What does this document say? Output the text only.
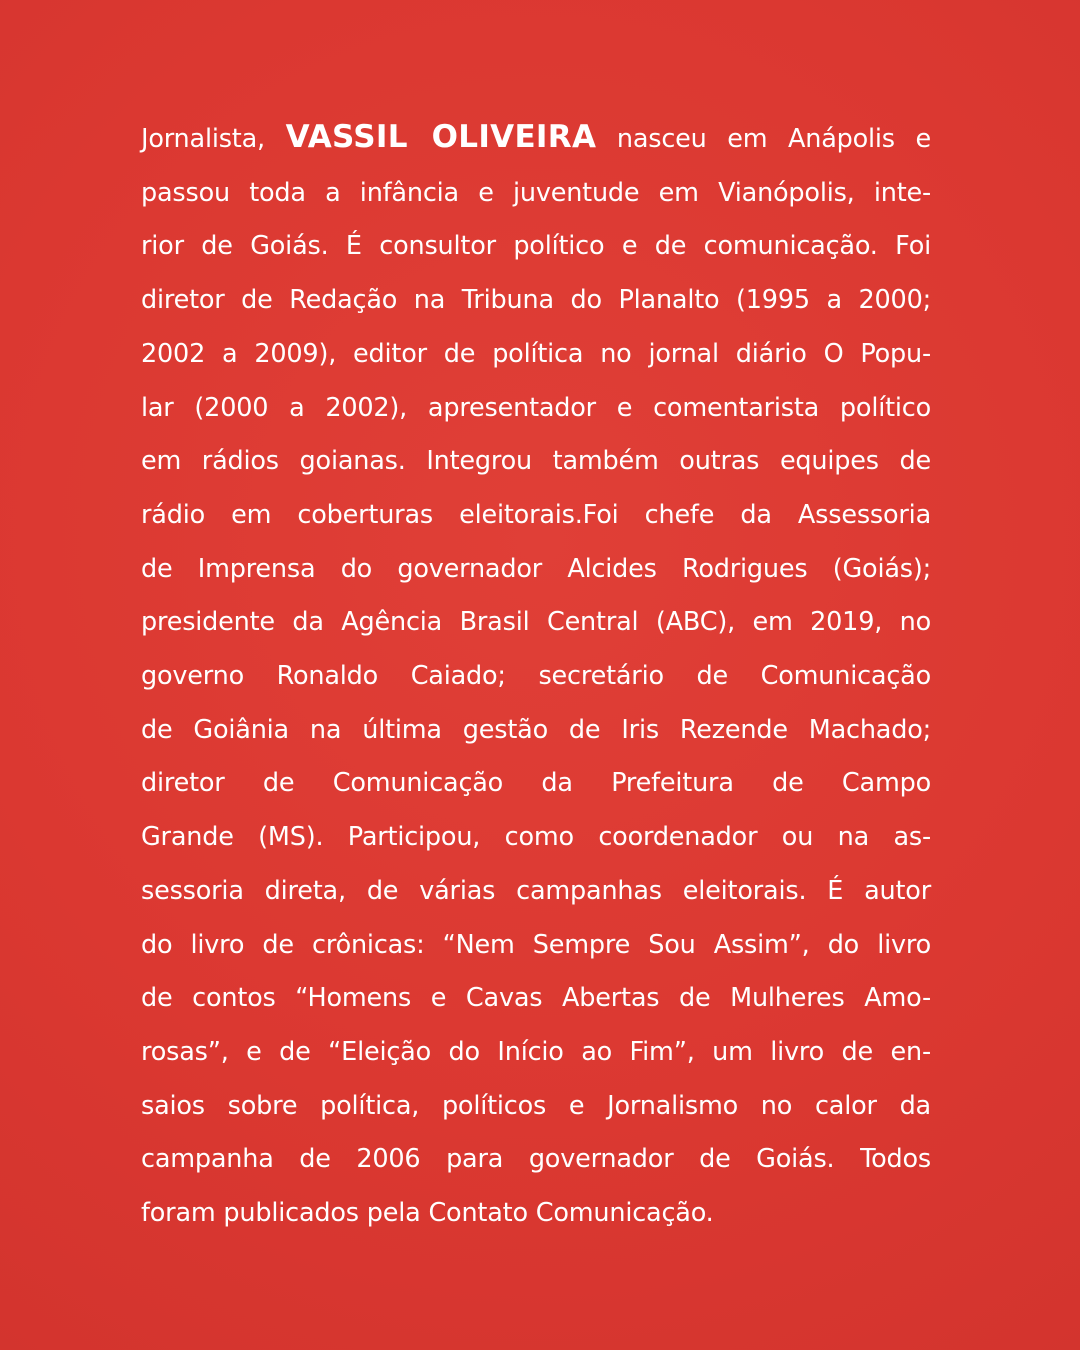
Jornalista, VASSIL OLIVEIRA nasceu em Anápolis e
passou toda a infância e juventude em Vianópolis, inte-
rior de Goiás. É consultor político e de comunicação. Foi
diretor de Redação na Tribuna do Planalto (1995 a 2000;
2002 a 2009), editor de política no jornal diário O Popu-
lar (2000 a 2002), apresentador e comentarista político
em rádios goianas. Integrou também outras equipes de
rádio em coberturas eleitorais.Foi chefe da Assessoria
de Imprensa do governador Alcides Rodrigues (Goiás);
presidente da Agência Brasil Central (ABC), em 2019, no
governo Ronaldo Caiado; secretário de Comunicação
de Goiânia na última gestão de Iris Rezende Machado;
diretor de Comunicação da Prefeitura de Campo
Grande (MS). Participou, como coordenador ou na as-
sessoria direta, de várias campanhas eleitorais. É autor
do livro de crônicas: “Nem Sempre Sou Assim”, do livro
de contos “Homens e Cavas Abertas de Mulheres Amo-
rosas”, e de “Eleição do Início ao Fim”, um livro de en-
saios sobre política, políticos e Jornalismo no calor da
campanha de 2006 para governador de Goiás. Todos
foram publicados pela Contato Comunicação.
